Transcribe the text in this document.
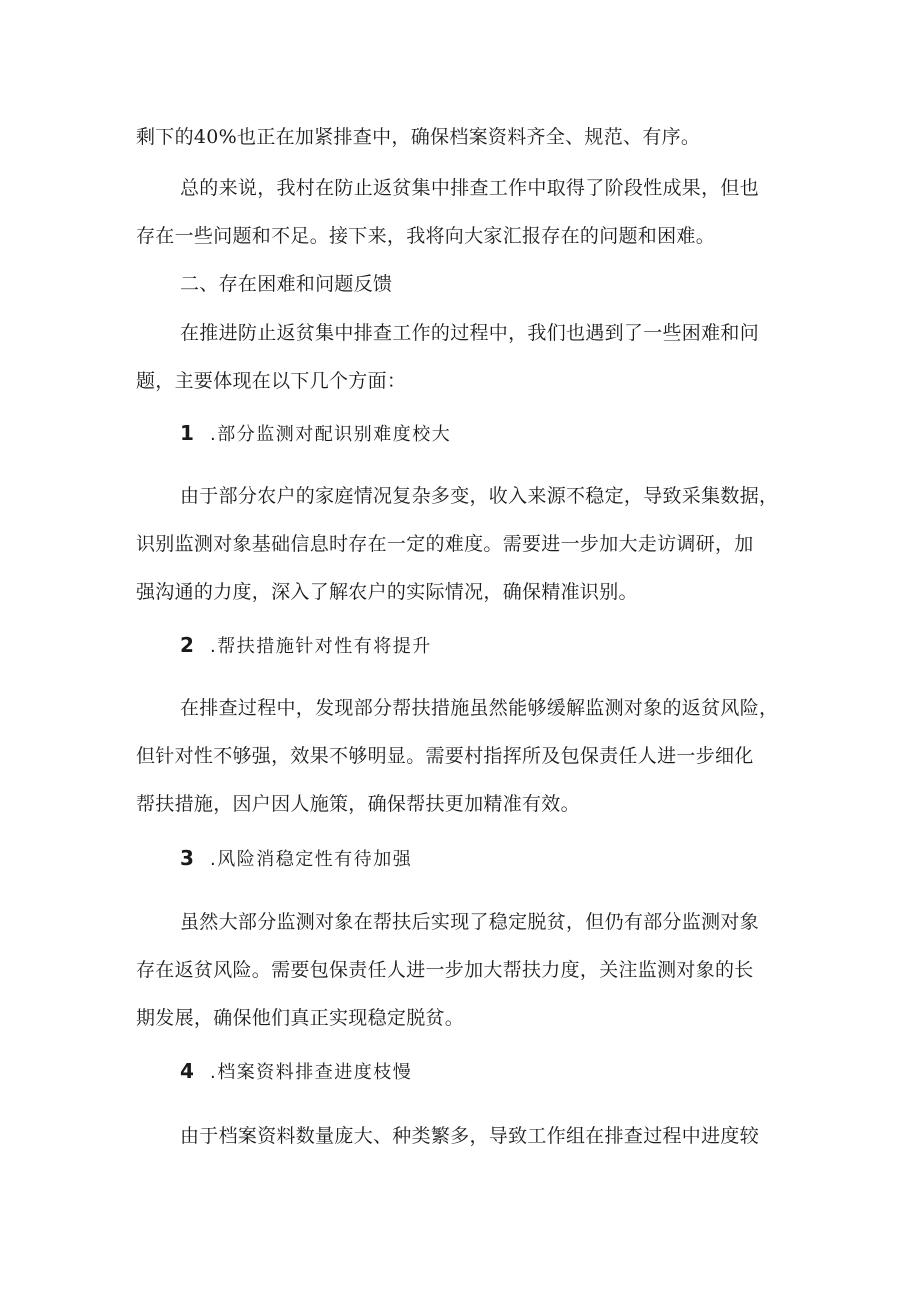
剩下的40%也正在加紧排查中，确保档案资料齐全、规范、有序。
总的来说，我村在防止返贫集中排查工作中取得了阶段性成果，但也
存在一些问题和不足。接下来，我将向大家汇报存在的问题和困难。
二、存在困难和问题反馈
在推进防止返贫集中排查工作的过程中，我们也遇到了一些困难和问
题，主要体现在以下几个方面：
1 .部分监测对配识别难度校大
由于部分农户的家庭情况复杂多变，收入来源不稳定，导致采集数据，
识别监测对象基础信息时存在一定的难度。需要进一步加大走访调研，加
强沟通的力度，深入了解农户的实际情况，确保精准识别。
2 .帮扶措施针对性有将提升
在排查过程中，发现部分帮扶措施虽然能够缓解监测对象的返贫风险，
但针对性不够强，效果不够明显。需要村指挥所及包保责任人进一步细化
帮扶措施，因户因人施策，确保帮扶更加精准有效。
3 .风险消稳定性有待加强
虽然大部分监测对象在帮扶后实现了稳定脱贫，但仍有部分监测对象
存在返贫风险。需要包保责任人进一步加大帮扶力度，关注监测对象的长
期发展，确保他们真正实现稳定脱贫。
4 .档案资料排查进度枝慢
由于档案资料数量庞大、种类繁多，导致工作组在排查过程中进度较
